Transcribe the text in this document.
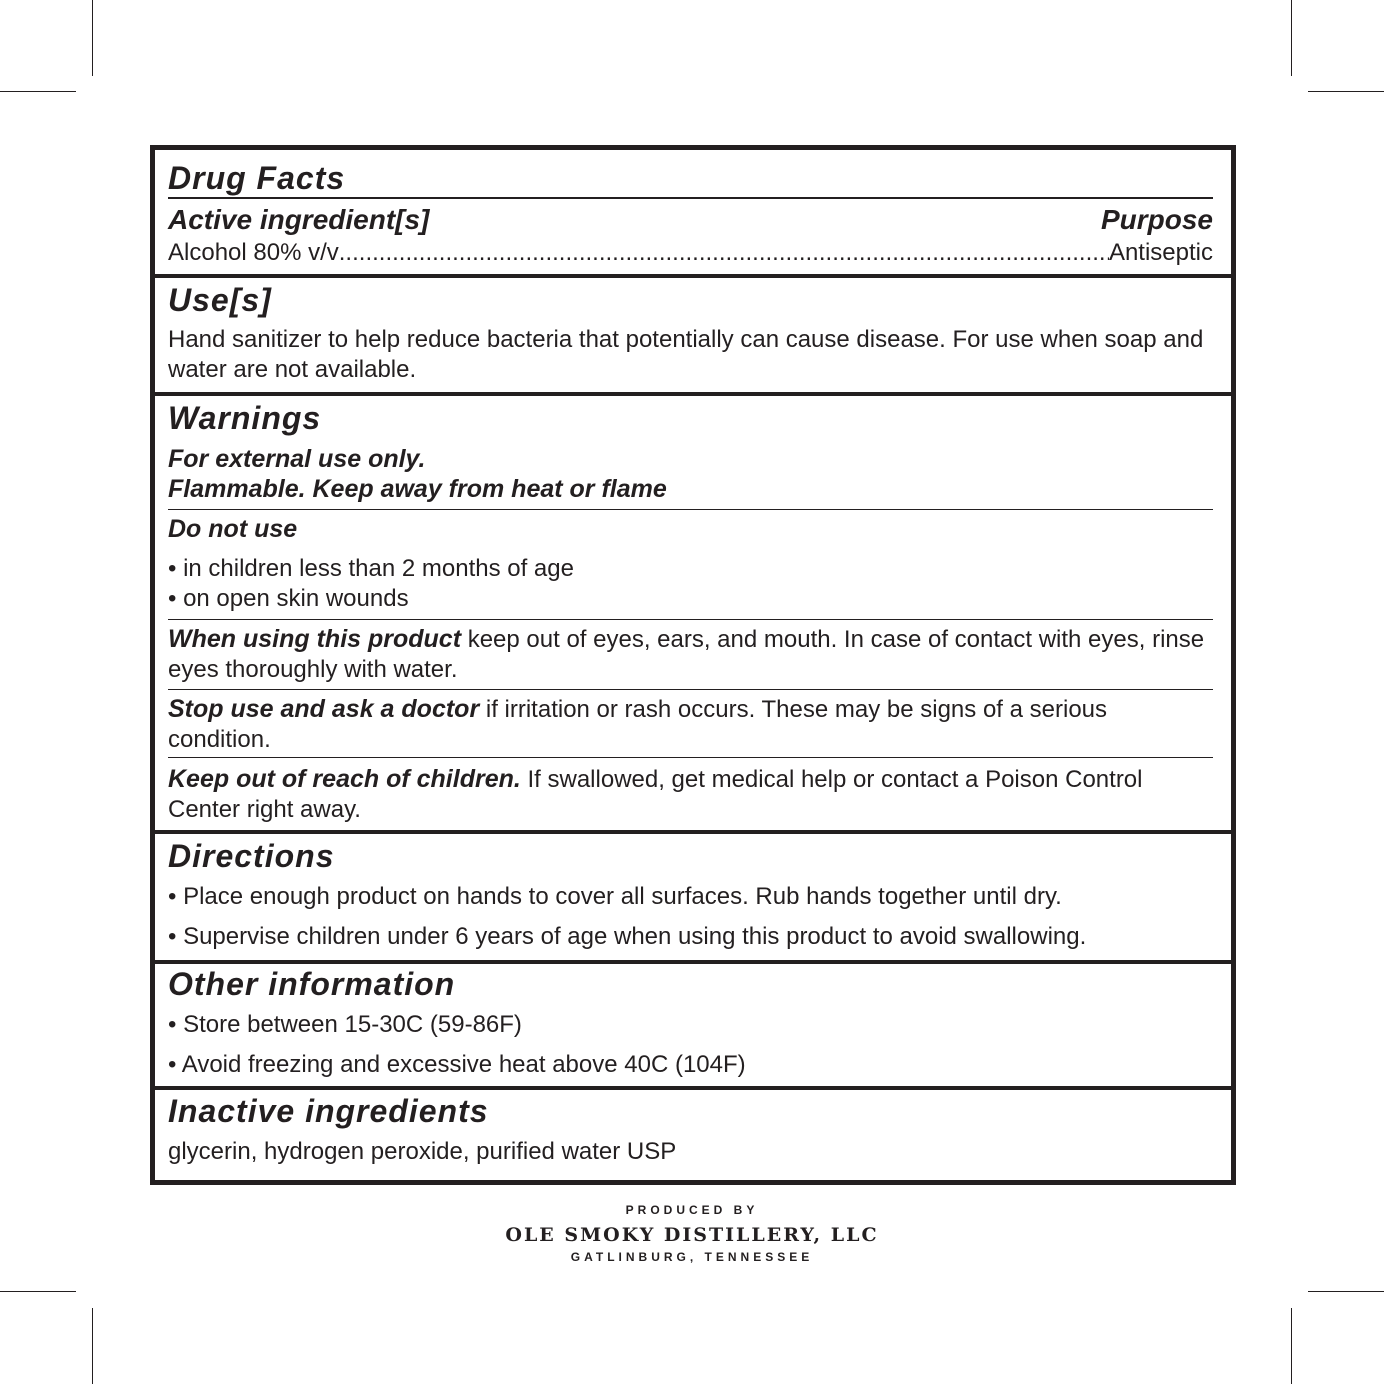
Drug Facts
Active ingredient[s]	Purpose
Alcohol 80% v/v
.....	Antiseptic
Use[s]
Hand sanitizer to help reduce bacteria that potentially can cause disease. For use when soap and water are not available.
Warnings
For external use only.
Flammable. Keep away from heat or flame
Do not use
• in children less than 2 months of age
• on open skin wounds
When using this product keep out of eyes, ears, and mouth. In case of contact with eyes, rinse eyes thoroughly with water.
Stop use and ask a doctor if irritation or rash occurs. These may be signs of a serious condition.
Keep out of reach of children. If swallowed, get medical help or contact a Poison Control Center right away.
Directions
• Place enough product on hands to cover all surfaces. Rub hands together until dry.
• Supervise children under 6 years of age when using this product to avoid swallowing.
Other information
• Store between 15-30C (59-86F)
• Avoid freezing and excessive heat above 40C (104F)
Inactive ingredients
glycerin, hydrogen peroxide, purified water USP
PRODUCED BY
OLE SMOKY DISTILLERY, LLC
GATLINBURG, TENNESSEE
